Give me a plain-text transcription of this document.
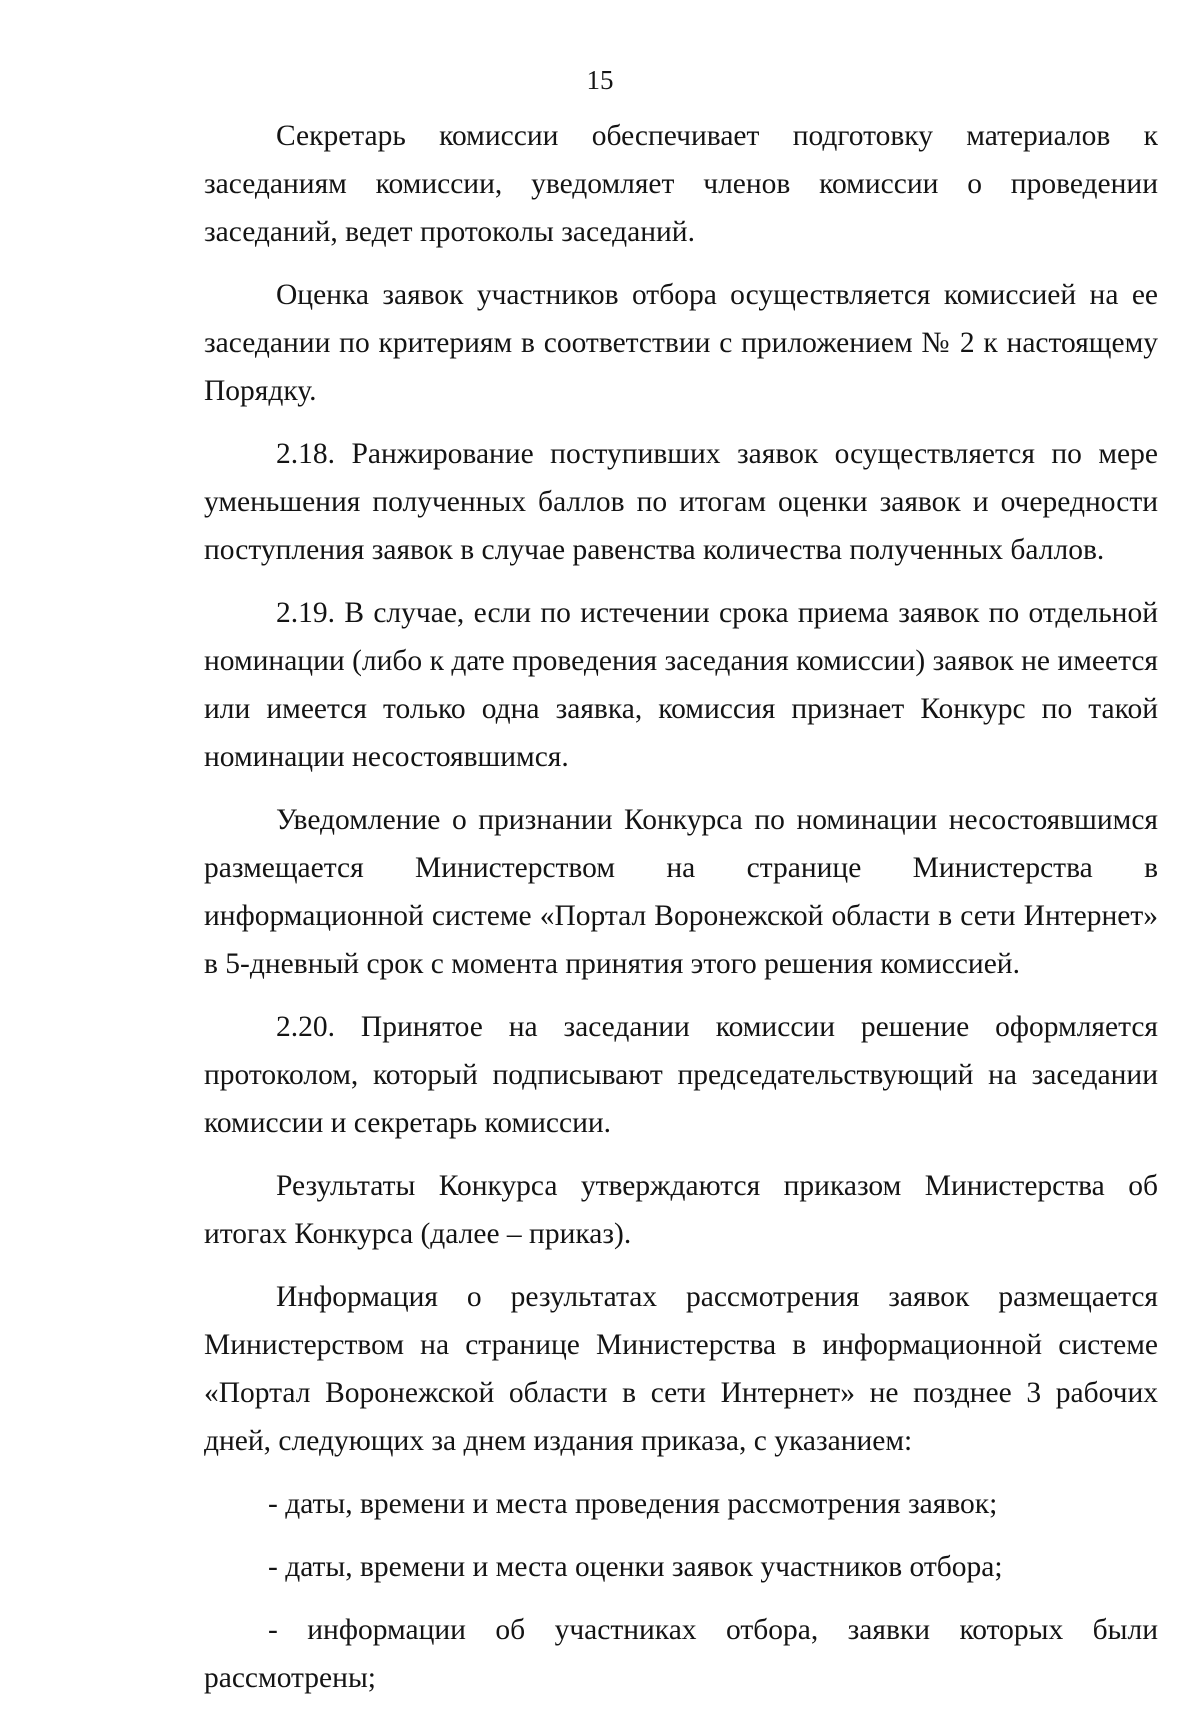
15

Секретарь комиссии обеспечивает подготовку материалов к заседаниям комиссии, уведомляет членов комиссии о проведении заседаний, ведет протоколы заседаний.

Оценка заявок участников отбора осуществляется комиссией на ее заседании по критериям в соответствии с приложением № 2 к настоящему Порядку.

2.18. Ранжирование поступивших заявок осуществляется по мере уменьшения полученных баллов по итогам оценки заявок и очередности поступления заявок в случае равенства количества полученных баллов.

2.19. В случае, если по истечении срока приема заявок по отдельной номинации (либо к дате проведения заседания комиссии) заявок не имеется или имеется только одна заявка, комиссия признает Конкурс по такой номинации несостоявшимся.

Уведомление о признании Конкурса по номинации несостоявшимся размещается Министерством на странице Министерства в информационной системе «Портал Воронежской области в сети Интернет» в 5-дневный срок с момента принятия этого решения комиссией.

2.20. Принятое на заседании комиссии решение оформляется протоколом, который подписывают председательствующий на заседании комиссии и секретарь комиссии.

Результаты Конкурса утверждаются приказом Министерства об итогах Конкурса (далее – приказ).

Информация о результатах рассмотрения заявок размещается Министерством на странице Министерства в информационной системе «Портал Воронежской области в сети Интернет» не позднее 3 рабочих дней, следующих за днем издания приказа, с указанием:

- даты, времени и места проведения рассмотрения заявок;

- даты, времени и места оценки заявок участников отбора;

- информации об участниках отбора, заявки которых были рассмотрены;
